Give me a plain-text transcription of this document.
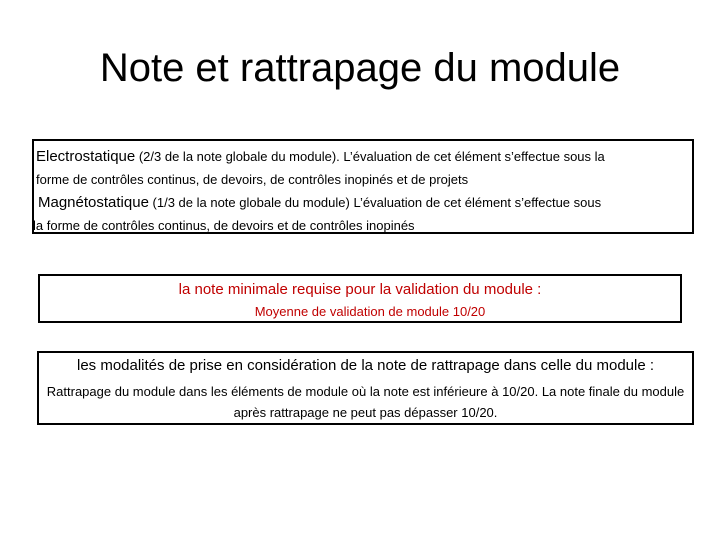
Note et rattrapage du module
Electrostatique (2/3 de la note globale du module). L’évaluation de cet élément s’effectue sous la
forme de contrôles continus, de devoirs, de contrôles inopinés et de projets
Magnétostatique (1/3 de la note globale du module) L’évaluation de cet élément s’effectue sous
la forme de contrôles continus, de devoirs et de contrôles inopinés
la note minimale requise pour la validation du module :
Moyenne de validation de module 10/20
les modalités de prise en considération de la note de rattrapage dans celle du module :
Rattrapage du module dans les éléments de module où la note est inférieure à 10/20. La note finale du module après rattrapage ne peut pas dépasser 10/20.
